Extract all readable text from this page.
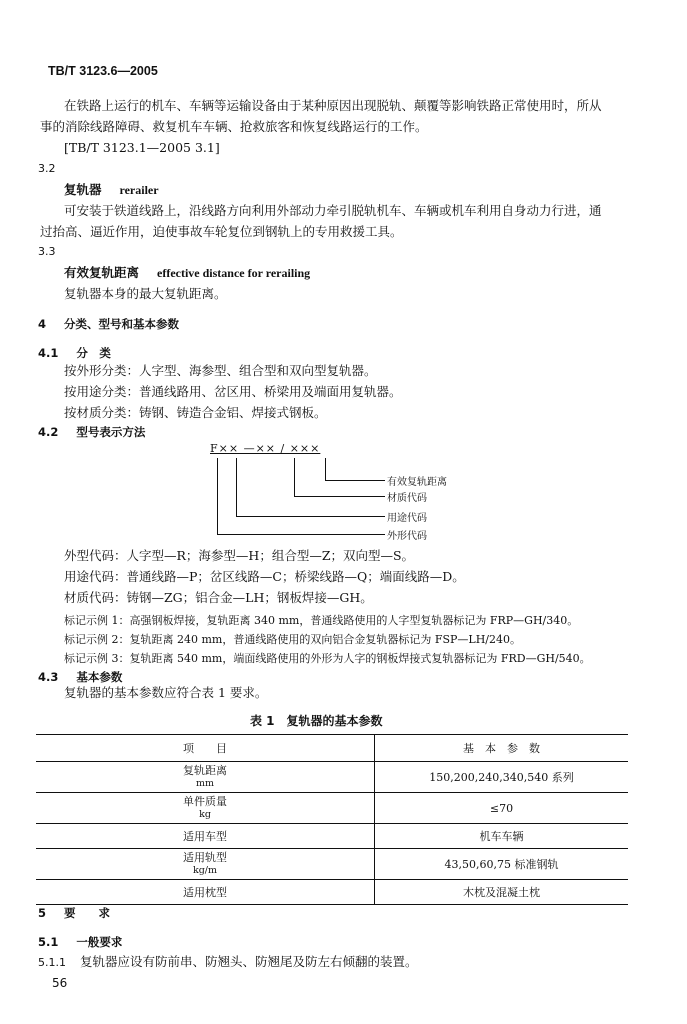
TB/T 3123.6—2005
在铁路上运行的机车、车辆等运输设备由于某种原因出现脱轨、颠覆等影响铁路正常使用时，所从
事的消除线路障碍、救复机车车辆、抢救旅客和恢复线路运行的工作。
[TB/T 3123.1—2005 3.1]
3.2
复轨器 rerailer
可安装于铁道线路上，沿线路方向利用外部动力牵引脱轨机车、车辆或机车利用自身动力行进，通
过抬高、逼近作用，迫使事故车轮复位到钢轨上的专用救援工具。
3.3
有效复轨距离 effective distance for rerailing
复轨器本身的最大复轨距离。
4 分类、型号和基本参数
4.1 分　类
按外形分类：人字型、海参型、组合型和双向型复轨器。
按用途分类：普通线路用、岔区用、桥梁用及端面用复轨器。
按材质分类：铸钢、铸造合金铝、焊接式钢板。
4.2 型号表示方法
F×× —×× / ×××
有效复轨距离
材质代码
用途代码
外形代码
外型代码：人字型—R；海参型—H；组合型—Z；双向型—S。
用途代码：普通线路—P；岔区线路—C；桥梁线路—Q；端面线路—D。
材质代码：铸钢—ZG；铝合金—LH；钢板焊接—GH。
标记示例 1：高强钢板焊接，复轨距离 340 mm，普通线路使用的人字型复轨器标记为 FRP—GH/340。
标记示例 2：复轨距离 240 mm，普通线路使用的双向铝合金复轨器标记为 FSP—LH/240。
标记示例 3：复轨距离 540 mm，端面线路使用的外形为人字的钢板焊接式复轨器标记为 FRD—GH/540。
4.3 基本参数
复轨器的基本参数应符合表 1 要求。
表 1　复轨器的基本参数
项　　目	基　本　参　数
复轨距离
mm	150,200,240,340,540 系列
单件质量
kg	≤70
适用车型	机车车辆
适用轨型
kg/m	43,50,60,75 标准钢轨
适用枕型	木枕及混凝土枕
5 要　　求
5.1 一般要求
5.1.1 复轨器应设有防前串、防翘头、防翘尾及防左右倾翻的装置。
56
